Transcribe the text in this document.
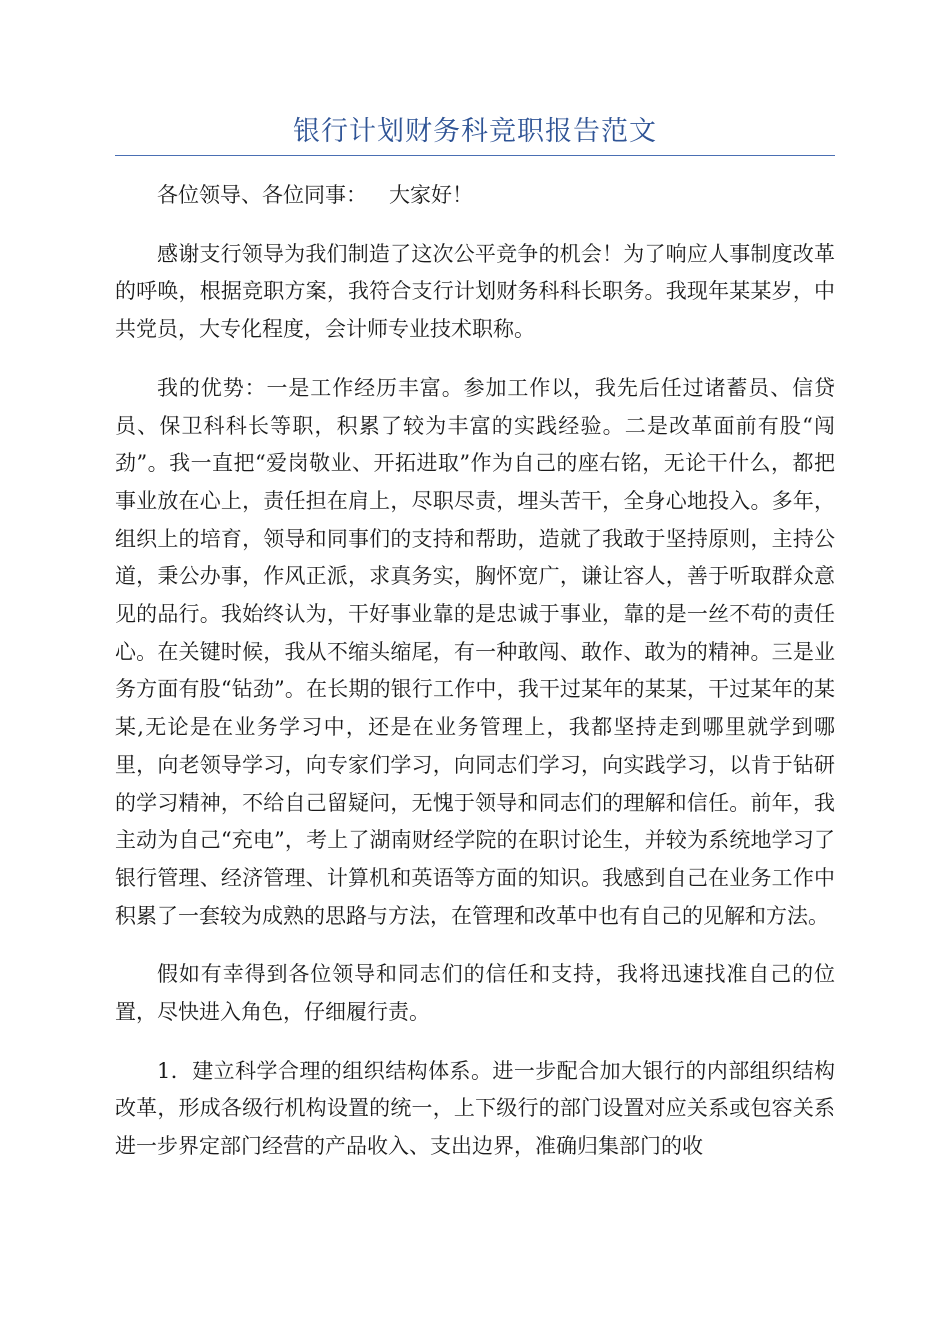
银行计划财务科竞职报告范文

各位领导、各位同事： 大家好！

感谢支行领导为我们制造了这次公平竞争的机会！为了响应人事制度改革的呼唤，根据竞职方案，我符合支行计划财务科科长职务。我现年某某岁，中共党员，大专化程度，会计师专业技术职称。

我的优势：一是工作经历丰富。参加工作以，我先后任过诸蓄员、信贷员、保卫科科长等职，积累了较为丰富的实践经验。二是改革面前有股“闯劲”。我一直把“爱岗敬业、开拓进取”作为自己的座右铭，无论干什么，都把事业放在心上，责任担在肩上，尽职尽责，埋头苦干，全身心地投入。多年，组织上的培育，领导和同事们的支持和帮助，造就了我敢于坚持原则，主持公道，秉公办事，作风正派，求真务实，胸怀宽广，谦让容人，善于听取群众意见的品行。我始终认为，干好事业靠的是忠诚于事业，靠的是一丝不苟的责任心。在关键时候，我从不缩头缩尾，有一种敢闯、敢作、敢为的精神。三是业务方面有股“钻劲”。在长期的银行工作中，我干过某年的某某，干过某年的某某,无论是在业务学习中，还是在业务管理上，我都坚持走到哪里就学到哪里，向老领导学习，向专家们学习，向同志们学习，向实践学习，以肯于钻研的学习精神，不给自己留疑问，无愧于领导和同志们的理解和信任。前年，我主动为自己“充电”，考上了湖南财经学院的在职讨论生，并较为系统地学习了银行管理、经济管理、计算机和英语等方面的知识。我感到自己在业务工作中积累了一套较为成熟的思路与方法，在管理和改革中也有自己的见解和方法。

假如有幸得到各位领导和同志们的信任和支持，我将迅速找准自己的位置，尽快进入角色，仔细履行责。

1．建立科学合理的组织结构体系。进一步配合加大银行的内部组织结构改革，形成各级行机构设置的统一，上下级行的部门设置对应关系或包容关系进一步界定部门经营的产品收入、支出边界，准确归集部门的收
